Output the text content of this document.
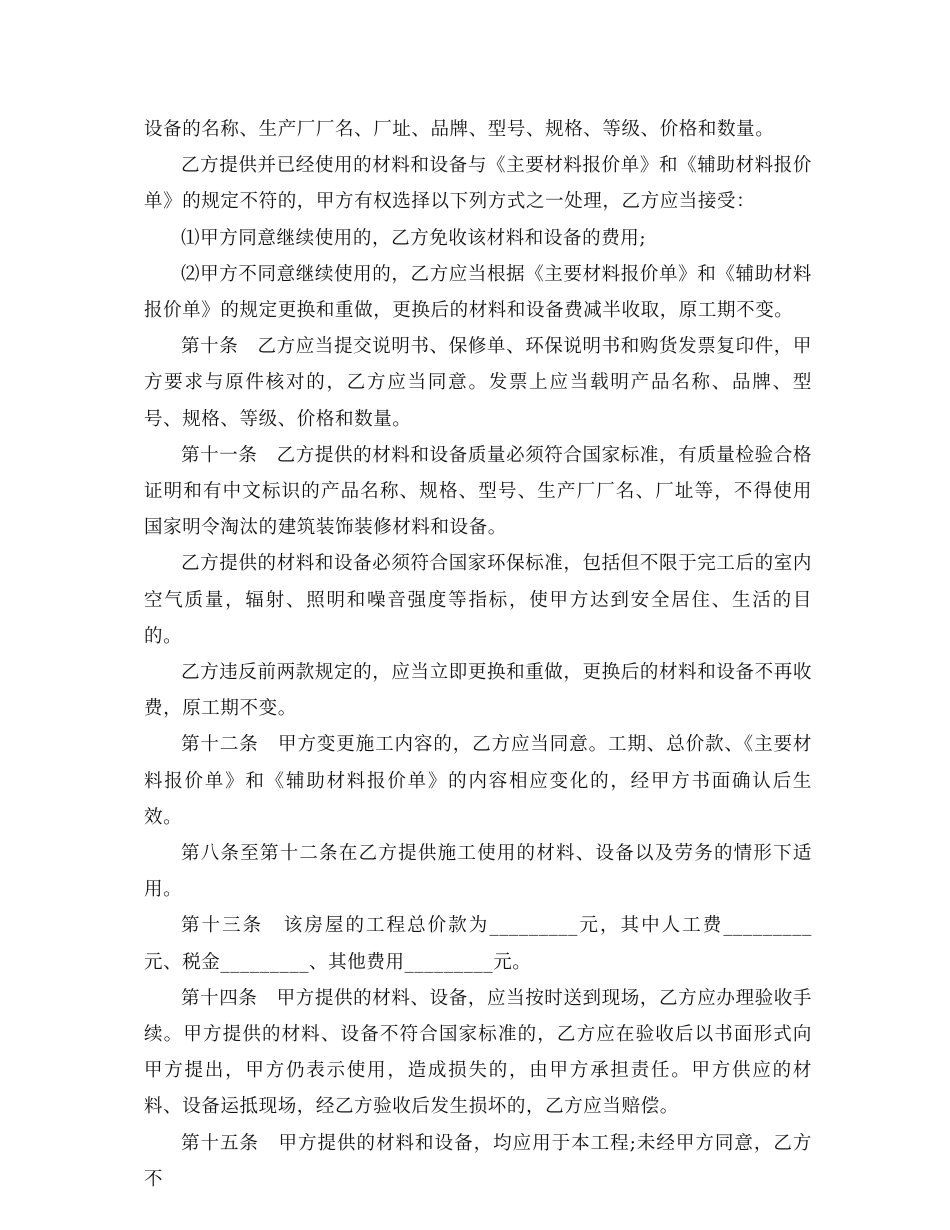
设备的名称、生产厂厂名、厂址、品牌、型号、规格、等级、价格和数量。

乙方提供并已经使用的材料和设备与《主要材料报价单》和《辅助材料报价单》的规定不符的，甲方有权选择以下列方式之一处理，乙方应当接受：

⑴甲方同意继续使用的，乙方免收该材料和设备的费用;

⑵甲方不同意继续使用的，乙方应当根据《主要材料报价单》和《辅助材料报价单》的规定更换和重做，更换后的材料和设备费减半收取，原工期不变。

第十条　乙方应当提交说明书、保修单、环保说明书和购货发票复印件，甲方要求与原件核对的，乙方应当同意。发票上应当载明产品名称、品牌、型号、规格、等级、价格和数量。

第十一条　乙方提供的材料和设备质量必须符合国家标准，有质量检验合格证明和有中文标识的产品名称、规格、型号、生产厂厂名、厂址等，不得使用国家明令淘汰的建筑装饰装修材料和设备。

乙方提供的材料和设备必须符合国家环保标准，包括但不限于完工后的室内空气质量，辐射、照明和噪音强度等指标，使甲方达到安全居住、生活的目的。

乙方违反前两款规定的，应当立即更换和重做，更换后的材料和设备不再收费，原工期不变。

第十二条　甲方变更施工内容的，乙方应当同意。工期、总价款、《主要材料报价单》和《辅助材料报价单》的内容相应变化的，经甲方书面确认后生效。

第八条至第十二条在乙方提供施工使用的材料、设备以及劳务的情形下适用。

第十三条　该房屋的工程总价款为_________元，其中人工费_________元、税金_________、其他费用_________元。

第十四条　甲方提供的材料、设备，应当按时送到现场，乙方应办理验收手续。甲方提供的材料、设备不符合国家标准的，乙方应在验收后以书面形式向甲方提出，甲方仍表示使用，造成损失的，由甲方承担责任。甲方供应的材料、设备运抵现场，经乙方验收后发生损坏的，乙方应当赔偿。

第十五条　甲方提供的材料和设备，均应用于本工程;未经甲方同意，乙方不
